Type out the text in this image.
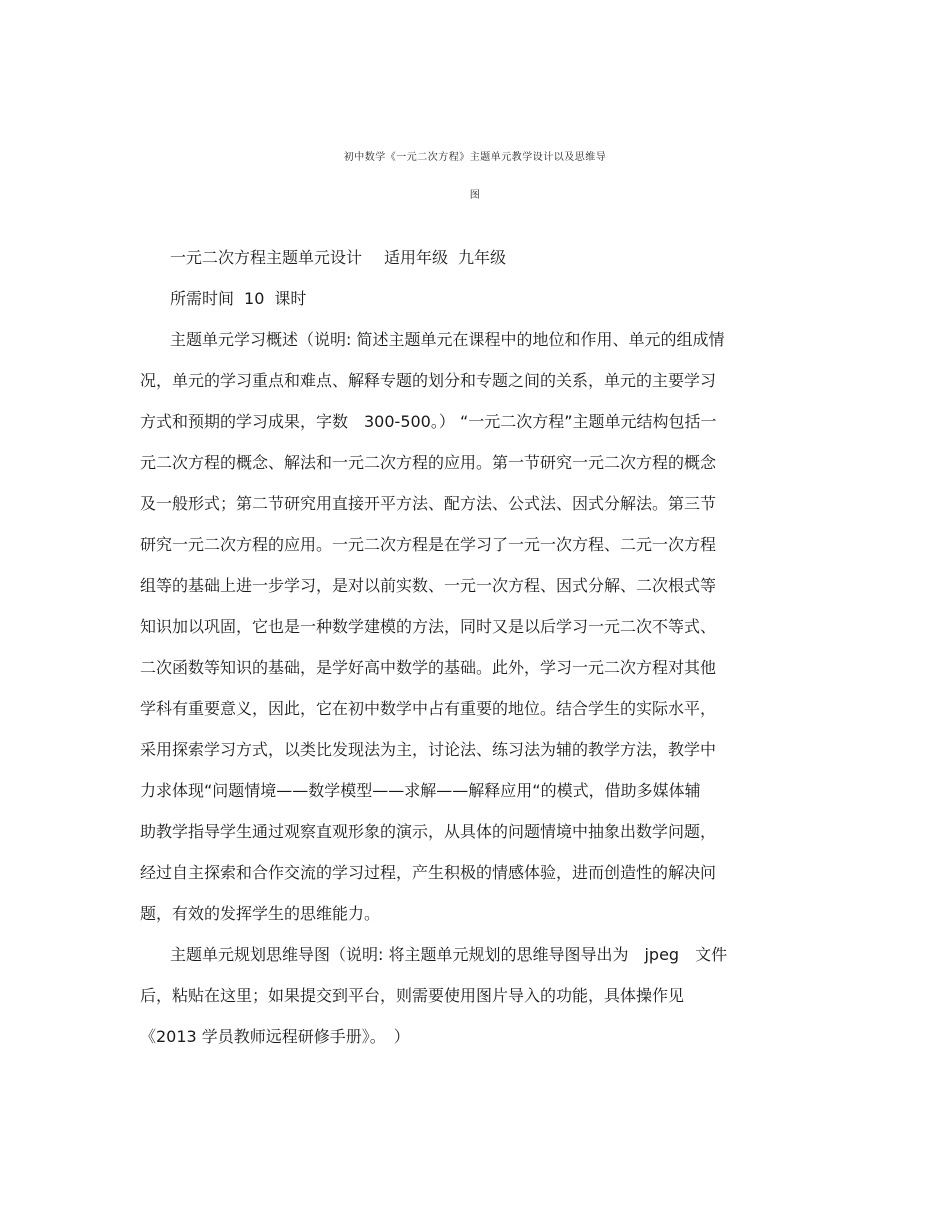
初中数学《一元二次方程》主题单元教学设计以及思维导
图
一元二次方程主题单元设计 适用年级 九年级
所需时间 10 课时
主题单元学习概述（说明: 简述主题单元在课程中的地位和作用、单元的组成情
况，单元的学习重点和难点、解释专题的划分和专题之间的关系，单元的主要学习
方式和预期的学习成果，字数　300-500。） “一元二次方程”主题单元结构包括一
元二次方程的概念、解法和一元二次方程的应用。第一节研究一元二次方程的概念
及一般形式；第二节研究用直接开平方法、配方法、公式法、因式分解法。第三节
研究一元二次方程的应用。一元二次方程是在学习了一元一次方程、二元一次方程
组等的基础上进一步学习，是对以前实数、一元一次方程、因式分解、二次根式等
知识加以巩固，它也是一种数学建模的方法，同时又是以后学习一元二次不等式、
二次函数等知识的基础，是学好高中数学的基础。此外，学习一元二次方程对其他
学科有重要意义，因此，它在初中数学中占有重要的地位。结合学生的实际水平，
采用探索学习方式，以类比发现法为主，讨论法、练习法为辅的教学方法，教学中
力求体现“问题情境——数学模型——求解——解释应用“的模式，借助多媒体辅
助教学指导学生通过观察直观形象的演示，从具体的问题情境中抽象出数学问题，
经过自主探索和合作交流的学习过程，产生积极的情感体验，进而创造性的解决问
题，有效的发挥学生的思维能力。
主题单元规划思维导图（说明: 将主题单元规划的思维导图导出为　jpeg　文件
后，粘贴在这里；如果提交到平台，则需要使用图片导入的功能，具体操作见
《2013 学员教师远程研修手册》。　）
